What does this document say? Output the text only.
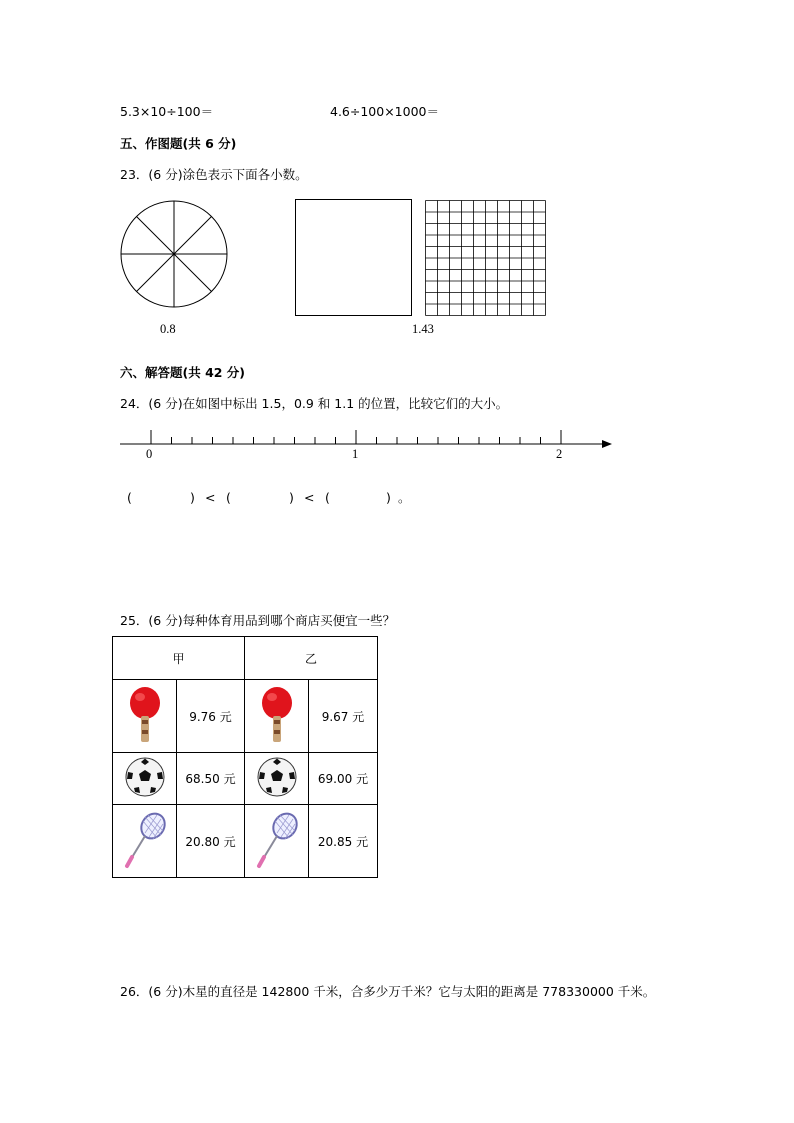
5.3×10÷100＝	4.6÷100×1000＝
五、作图题(共 6 分)
23．(6 分)涂色表示下面各小数。
0.8	1.43
六、解答题(共 42 分)
24．(6 分)在如图中标出 1.5，0.9 和 1.1 的位置，比较它们的大小。
0	1	2
(	) < (	) < (	) 。
25．(6 分)每种体育用品到哪个商店买便宜一些？
甲		乙	
	9.76 元		9.67 元
	68.50 元		69.00 元
	20.80 元		20.85 元
26．(6 分)木星的直径是 142800 千米，合多少万千米？它与太阳的距离是 778330000 千米。
